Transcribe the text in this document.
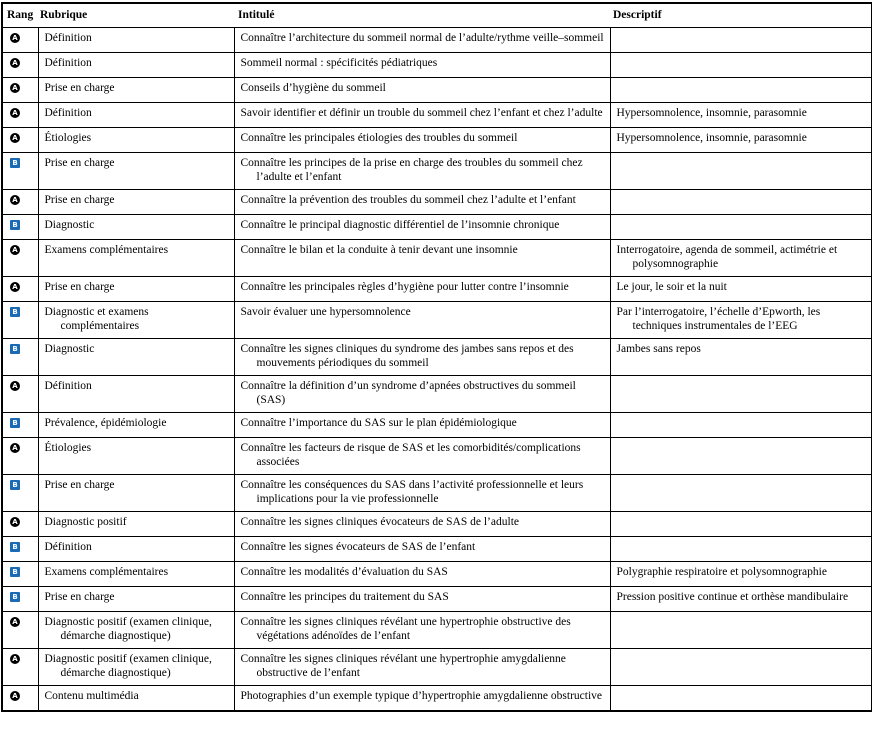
Rang	Rubrique	Intitulé	Descriptif
A	Définition	Connaître l’architecture du sommeil normal de l’adulte/rythme veille–sommeil	

A	Définition	Sommeil normal : spécificités pédiatriques	

A	Prise en charge	Conseils d’hygiène du sommeil	

A	Définition	Savoir identifier et définir un trouble du sommeil chez l’enfant et chez l’adulte	Hypersomnolence, insomnie, parasomnie

A	Étiologies	Connaître les principales étiologies des troubles du sommeil	Hypersomnolence, insomnie, parasomnie

B	Prise en charge	Connaître les principes de la prise en charge des troubles du sommeil chez l’adulte et l’enfant	

A	Prise en charge	Connaître la prévention des troubles du sommeil chez l’adulte et l’enfant	

B	Diagnostic	Connaître le principal diagnostic différentiel de l’insomnie chronique	

A	Examens complémentaires	Connaître le bilan et la conduite à tenir devant une insomnie	Interrogatoire, agenda de sommeil, actimétrie et polysomnographie

A	Prise en charge	Connaître les principales règles d’hygiène pour lutter contre l’insomnie	Le jour, le soir et la nuit

B	Diagnostic et examens complémentaires	Savoir évaluer une hypersomnolence	Par l’interrogatoire, l’échelle d’Epworth, les techniques instrumentales de l’EEG

B	Diagnostic	Connaître les signes cliniques du syndrome des jambes sans repos et des mouvements périodiques du sommeil	Jambes sans repos

A	Définition	Connaître la définition d’un syndrome d’apnées obstructives du sommeil (SAS)	

B	Prévalence, épidémiologie	Connaître l’importance du SAS sur le plan épidémiologique	

A	Étiologies	Connaître les facteurs de risque de SAS et les comorbidités/complications associées	

B	Prise en charge	Connaître les conséquences du SAS dans l’activité professionnelle et leurs implications pour la vie professionnelle	

A	Diagnostic positif	Connaître les signes cliniques évocateurs de SAS de l’adulte	

B	Définition	Connaître les signes évocateurs de SAS de l’enfant	

B	Examens complémentaires	Connaître les modalités d’évaluation du SAS	Polygraphie respiratoire et polysomnographie

B	Prise en charge	Connaître les principes du traitement du SAS	Pression positive continue et orthèse mandibulaire

A	Diagnostic positif (examen clinique, démarche diagnostique)	Connaître les signes cliniques révélant une hypertrophie obstructive des végétations adénoïdes de l’enfant	

A	Diagnostic positif (examen clinique, démarche diagnostique)	Connaître les signes cliniques révélant une hypertrophie amygdalienne obstructive de l’enfant	

A	Contenu multimédia	Photographies d’un exemple typique d’hypertrophie amygdalienne obstructive	
